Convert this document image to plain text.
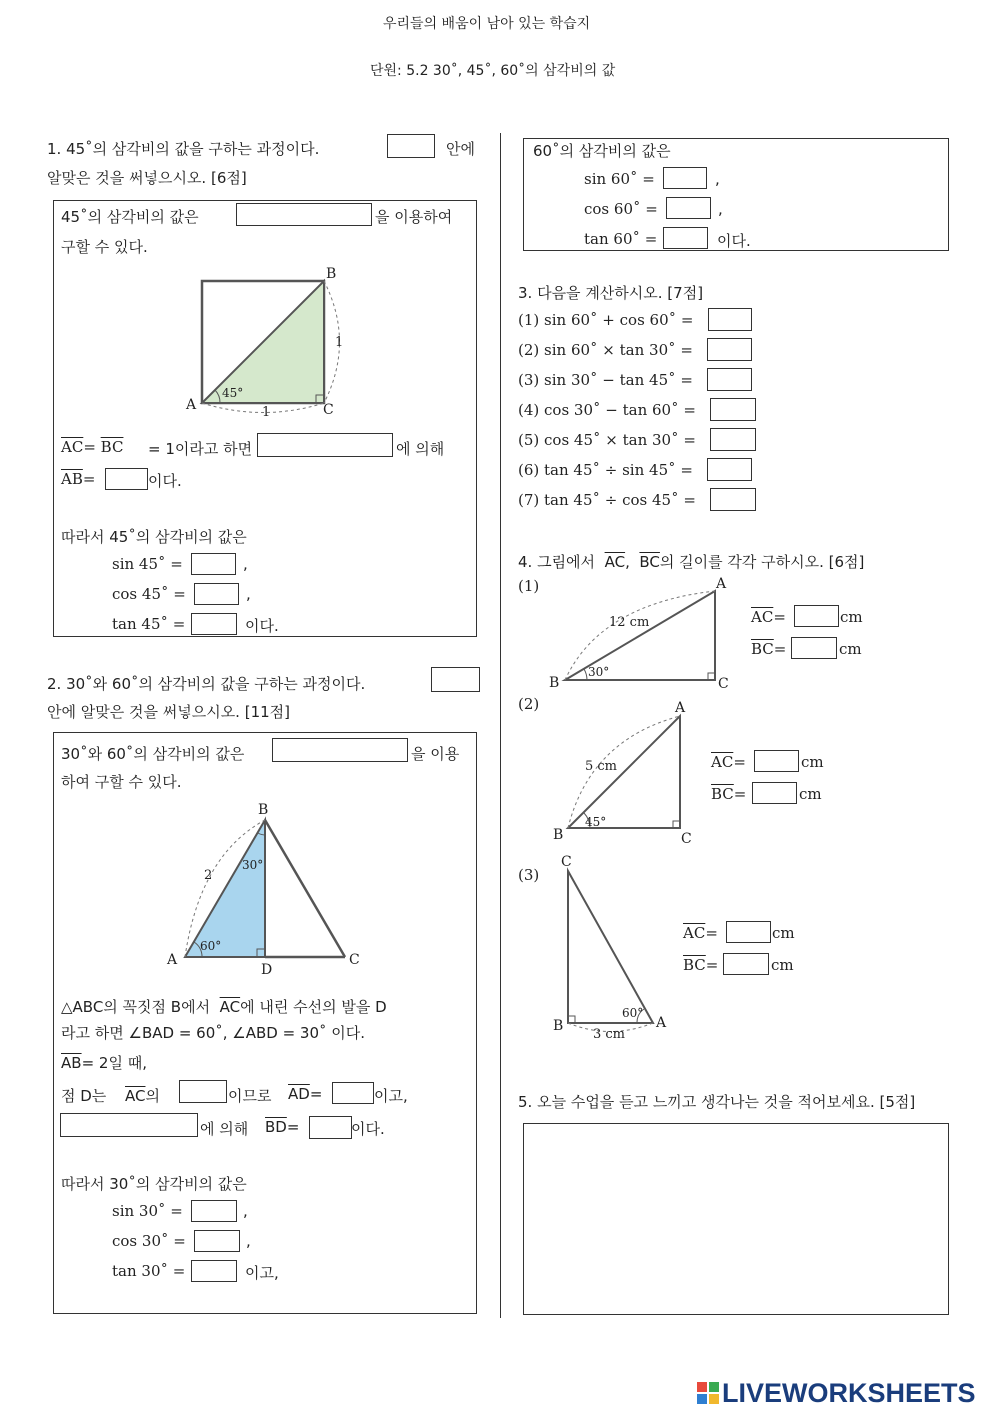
우리들의 배움이 남아 있는 학습지
단원: 5.2 30˚, 45˚, 60˚의 삼각비의 값
1. 45˚의 삼각비의 값을 구하는 과정이다.	안에
알맞은 것을 써넣으시오. [6점]
45˚의 삼각비의 값은	을 이용하여
구할 수 있다.
A
B
C
1
1
45°
$\overline{AC}= \overline{BC} = 1$이라고 하면	에 의해
$\overline{AB}=$	이다.
따라서 45˚의 삼각비의 값은
sin 45˚ =	,
cos 45˚ =	,
tan 45˚ =	이다.
2. 30˚와 60˚의 삼각비의 값을 구하는 과정이다.
안에 알맞은 것을 써넣으시오. [11점]
30˚와 60˚의 삼각비의 값은	을 이용
하여 구할 수 있다.
A
B
C
D
2
30°
60°
△ABC의 꼭짓점 B에서 $\overline{AC}$에 내린 수선의 발을 D
라고 하면 ∠BAD = 60˚, ∠ABD = 30˚ 이다.
$\overline{AB}= 2$일 때,
점 D는 $\overline{AC}$의	이므로 $\overline{AD}=$	이고,
에 의해 $\overline{BD}=$	이다.
따라서 30˚의 삼각비의 값은
sin 30˚ =	,
cos 30˚ =	,
tan 30˚ =	이고,
60˚의 삼각비의 값은
sin 60˚ =	,
cos 60˚ =	,
tan 60˚ =	이다.
3. 다음을 계산하시오. [7점]
(1) sin 60˚ + cos 60˚ =
(2) sin 60˚ × tan 30˚ =
(3) sin 30˚ − tan 45˚ =
(4) cos 30˚ − tan 60˚ =
(5) cos 45˚ × tan 30˚ =
(6) tan 45˚ ÷ sin 45˚ =
(7) tan 45˚ ÷ cos 45˚ =
4. 그림에서 $\overline{AC}$, $\overline{BC}$의 길이를 각각 구하시오. [6점]
(1)	A
B	C
12 cm
30°
$\overline{AC}=$	cm
$\overline{BC}=$	cm
(2)	A
B	C
5 cm
45°
$\overline{AC}=$	cm
$\overline{BC}=$	cm
(3)
C
B	A
3 cm
60°
$\overline{AC}=$	cm
$\overline{BC}=$	cm
5. 오늘 수업을 듣고 느끼고 생각나는 것을 적어보세요. [5점]
LIVEWORKSHEETS
